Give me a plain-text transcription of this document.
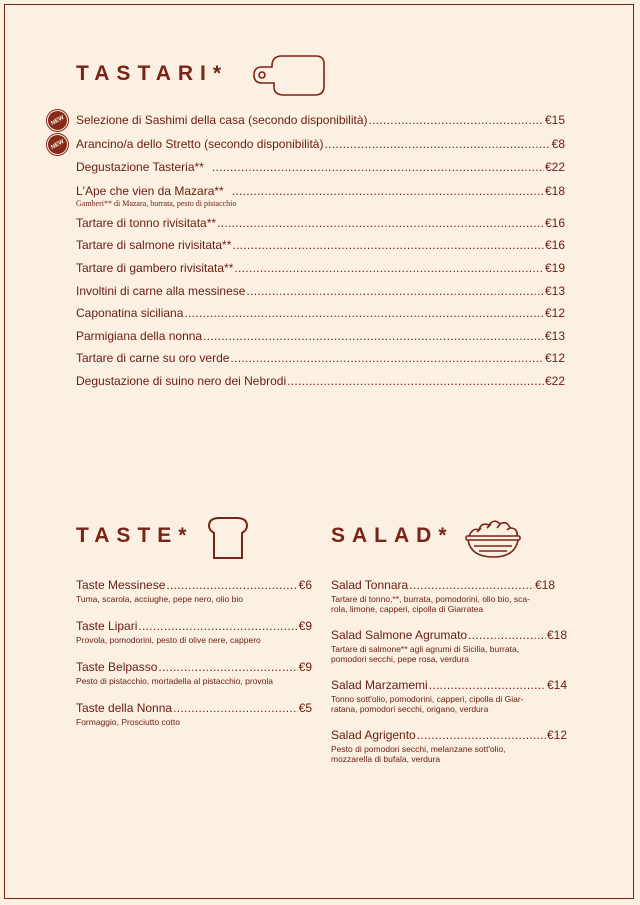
TASTARI*
NEW Selezione di Sashimi della casa (secondo disponibilità) .....	€15
NEW Arancino/a dello Stretto (secondo disponibilità) .....	€8
Degustazione Tasteria** .....	€22
L'Ape che vien da Mazara** .....	€18
Gamberi** di Mazara, burrata, pesto di pistacchio
Tartare di tonno rivisitata** .....	€16
Tartare di salmone rivisitata** .....	€16
Tartare di gambero rivisitata** .....	€19
Involtini di carne alla messinese .....	€13
Caponatina siciliana .....	€12
Parmigiana della nonna .....	€13
Tartare di carne su oro verde .....	€12
Degustazione di suino nero dei Nebrodi .....	€22
TASTE*
Taste Messinese .....	€6
Tuma, scarola, acciughe, pepe nero, olio bio
Taste Lipari .....	€9
Provola, pomodorini, pesto di olive nere, cappero
Taste Belpasso .....	€9
Pesto di pistacchio, mortadella al pistacchio, provola
Taste della Nonna .....	€5
Formaggio, Prosciutto cotto
SALAD*
Salad Tonnara .....	€18
Tartare di tonno,**, burrata, pomodorini, olio bio, sca-
rola, limone, capperi, cipolla di Giarratea
Salad Salmone Agrumato .....	€18
Tartare di salmone** agli agrumi di Sicilia, burrata,
pomodori secchi, pepe rosa, verdura
Salad Marzamemi .....	€14
Tonno sott'olio, pomodorini, capperi, cipolla di Giar-
ratana, pomodori secchi, origano, verdura
Salad Agrigento .....	€12
Pesto di pomodori secchi, melanzane sott'olio,
mozzarella di bufala, verdura
